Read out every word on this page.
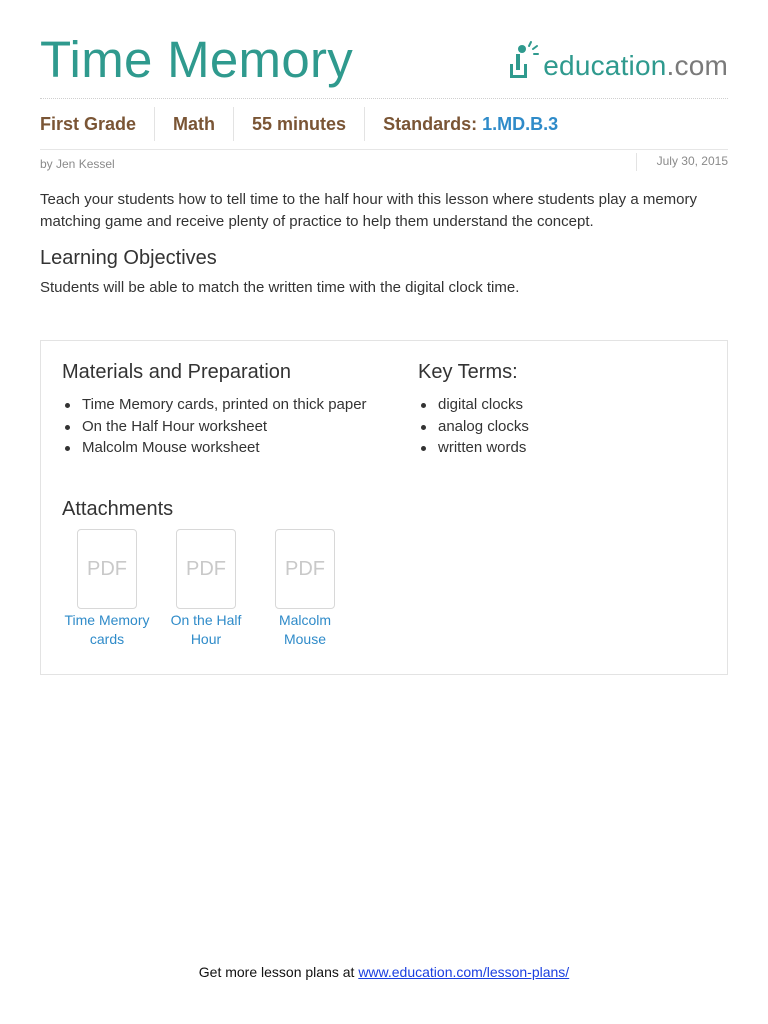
Time Memory	education.com
First Grade	Math	55 minutes	Standards: 1.MD.B.3
by Jen Kessel	July 30, 2015

Teach your students how to tell time to the half hour with this lesson where students play a memory matching game and receive plenty of practice to help them understand the concept.

Learning Objectives

Students will be able to match the written time with the digital clock time.

Materials and Preparation
Time Memory cards, printed on thick paper
On the Half Hour worksheet
Malcolm Mouse worksheet
Key Terms:
digital clocks
analog clocks
written words
Attachments
PDF
Time Memory cards
PDF
On the Half Hour
PDF
Malcolm Mouse
Get more lesson plans at www.education.com/lesson-plans/
